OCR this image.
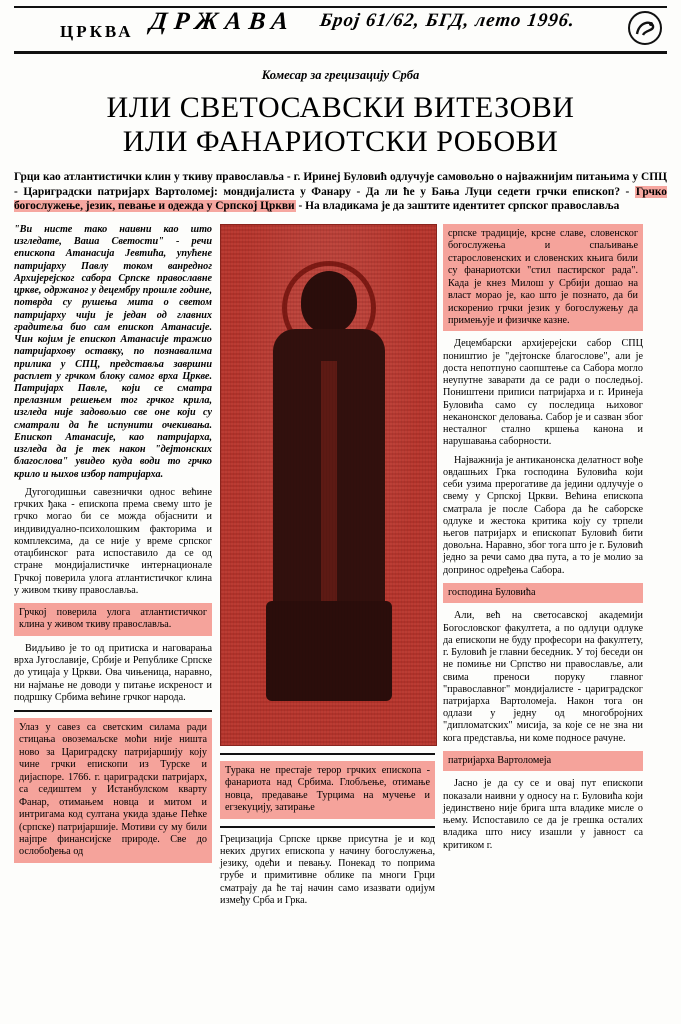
ЦРКВА ДРЖАВА Број 61/62, БГД, лето 1996.
Комесар за грецизацију Срба
ИЛИ СВЕТОСАВСКИ ВИТЕЗОВИ
ИЛИ ФАНАРИОТСКИ РОБОВИ
Грци као атлантистички клин у ткиву православља - г. Иринеј Буловић одлучује самовољно о најважнијим питањима у СПЦ - Цариградски патријарх Вартоломеј: мондијалиста у Фанару - Да ли ће у Бања Луци седети грчки епископ? - Грчко богослужење, језик, певање и одежда у Српској Цркви - На владикама је да заштите идентитет српског православља

"Ви нисте тако наивни као што изгледате, Ваша Светости" - речи епископа Атанасија Јевтића, упућене патријарху Павлу током ванредног Архијерејског сабора Српске православне цркве, одржаног у децембру прошле године, потврда су рушења мита о светом патријарху чији је један од главних градитеља био сам епископ Атанасије. Чин којим је епископ Атанасије тражио патријархову оставку, по познавалима прилика у СПЦ, представља завршни расплет у грчком блоку самог врха Цркве. Патријарх Павле, који се сматра прелазним решењем тог грчког крила, изгледа није задовољио све оне који су сматрали да ће испунити очекивања. Епископ Атанасије, као патријарха, изгледа да је тек након "дејтонских благослова" увидео куда води то грчко крило и њихов избор патријарха.

Дугогодишњи савезнички однос већине грчких ђака - епископа према свему што је грчко могао би се можда објаснити и индивидуално-психолошким факторима и комплексима, да се није у време српског отаџбинског рата испоставило да се од стране мондијалистичке интернационале Грчкој поверила улога атлантистичког клина у живом ткиву православља.

Грчкој поверила улога атлантистичког клина у живом ткиву православља.

Видљиво је то од притиска и наговарања врха Југославије, Србије и Републике Српске до утицаја у Цркви. Ова чињеница, наравно, ни најмање не доводи у питање искреност и подршку Србима већине грчког народа.

Улаз у савез са светским силама ради стицања овоземаљске моћи није ништа ново за Цариградску патријаршију коју чине грчки епископи из Турске и дијаспоре. 1766. г. цариградски патријарх, са седиштем у Истанбулском кварту Фанар, отимањем новца и митом и интригама код султана укида здање Пећке (српске) патријаршије. Мотиви су му били најпре финансијске природе. Све до ослобођења од
Турака не престаје терор грчких епископа - фанариота над Србима. Глобљење, отимање новца, предавање Турцима на мучење и егзекуцију, затирање

Грецизација Српске цркве присутна је и код неких других епископа у начину богослужења, језику, одећи и певању. Понекад то поприма грубе и примитивне облике па многи Грци сматрају да ће тај начин само изазвати одијум између Срба и Грка.

српске традиције, крсне славе, словенског богослужења и спаљивање старословенских и словенских књига били су фанариотски "стил пастирског рада". Када је кнез Милош у Србији дошао на власт морао је, као што је познато, да би искоренио грчки језик у богослужењу да примењује и физичке казне.

Децембарски архијерејски сабор СПЦ поништио је "дејтонске благослове", али је доста непотпуно саопштење са Сабора могло неупутне заварати да се ради о последњој. Поништени приписи патријарха и г. Иринеја Буловића само су последица њиховог неканонског деловања. Сабор је и сазван због несталног стално кршења канона и нарушавања саборности.

Најважнија је антиканонска делатност вође овдашњих Грка господина Буловића који себи узима прерогативе да једини одлучује о свему у Српској Цркви. Већина епископа сматрала је после Сабора да ће саборске одлуке и жестока критика коју су трпели његов патријарх и епископат Буловић бити довољна. Наравно, због тога што је г. Буловић једно за речи само два пута, а то је молио за допринос одређења Сабора.

господина Буловића

Али, већ на светосавској академији Богословског факултета, а по одлуци одлуке да епископи не буду професори на факултету, г. Буловић је главни беседник. У тој беседи он не помиње ни Српство ни православље, али свима преноси поруку главног "православног" мондијалисте - цариградског патријарха Вартоломеја. Након тога он одлази у једну од многобројних "дипломатских" мисија, за које се не зна ни кога представља, ни коме подносе рачуне.

патријарха Вартоломеја

Јасно је да су се и овај пут епископи показали наивни у односу на г. Буловића који јединствено није брига шта владике мисле о њему. Испоставило се да је грешка осталих владика што нису изашли у јавност са критиком г.
